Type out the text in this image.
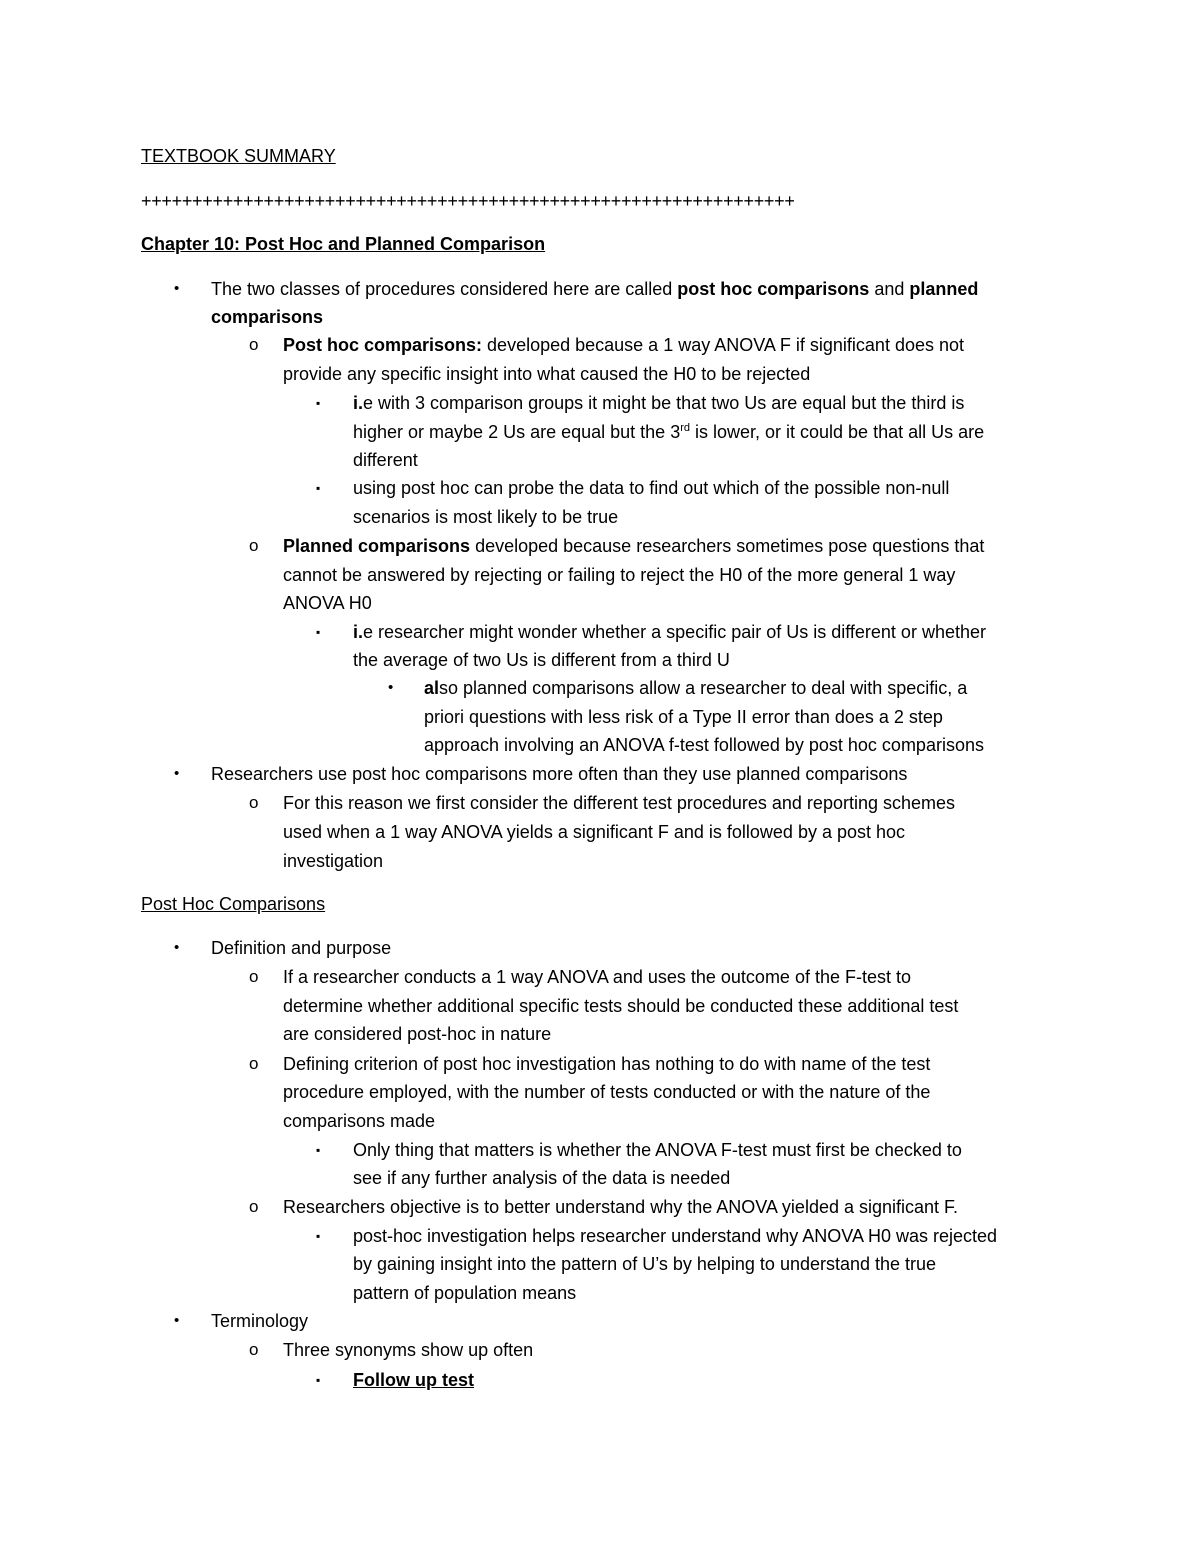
TEXTBOOK SUMMARY
++++++++++++++++++++++++++++++++++++++++++++++++++++++++++++++++
Chapter 10: Post Hoc and Planned Comparison
• The two classes of procedures considered here are called post hoc comparisons and planned
comparisons
o Post hoc comparisons: developed because a 1 way ANOVA F if significant does not
provide any specific insight into what caused the H0 to be rejected
▪ i.e with 3 comparison groups it might be that two Us are equal but the third is
higher or maybe 2 Us are equal but the 3rd is lower, or it could be that all Us are
different
▪ using post hoc can probe the data to find out which of the possible non-null
scenarios is most likely to be true
o Planned comparisons developed because researchers sometimes pose questions that
cannot be answered by rejecting or failing to reject the H0 of the more general 1 way
ANOVA H0
▪ i.e researcher might wonder whether a specific pair of Us is different or whether
the average of two Us is different from a third U
• also planned comparisons allow a researcher to deal with specific, a
priori questions with less risk of a Type II error than does a 2 step
approach involving an ANOVA f-test followed by post hoc comparisons
• Researchers use post hoc comparisons more often than they use planned comparisons
o For this reason we first consider the different test procedures and reporting schemes
used when a 1 way ANOVA yields a significant F and is followed by a post hoc
investigation
Post Hoc Comparisons
• Definition and purpose
o If a researcher conducts a 1 way ANOVA and uses the outcome of the F-test to
determine whether additional specific tests should be conducted these additional test
are considered post-hoc in nature
o Defining criterion of post hoc investigation has nothing to do with name of the test
procedure employed, with the number of tests conducted or with the nature of the
comparisons made
▪ Only thing that matters is whether the ANOVA F-test must first be checked to
see if any further analysis of the data is needed
o Researchers objective is to better understand why the ANOVA yielded a significant F.
▪ post-hoc investigation helps researcher understand why ANOVA H0 was rejected
by gaining insight into the pattern of U’s by helping to understand the true
pattern of population means
• Terminology
o Three synonyms show up often
▪ Follow up test
